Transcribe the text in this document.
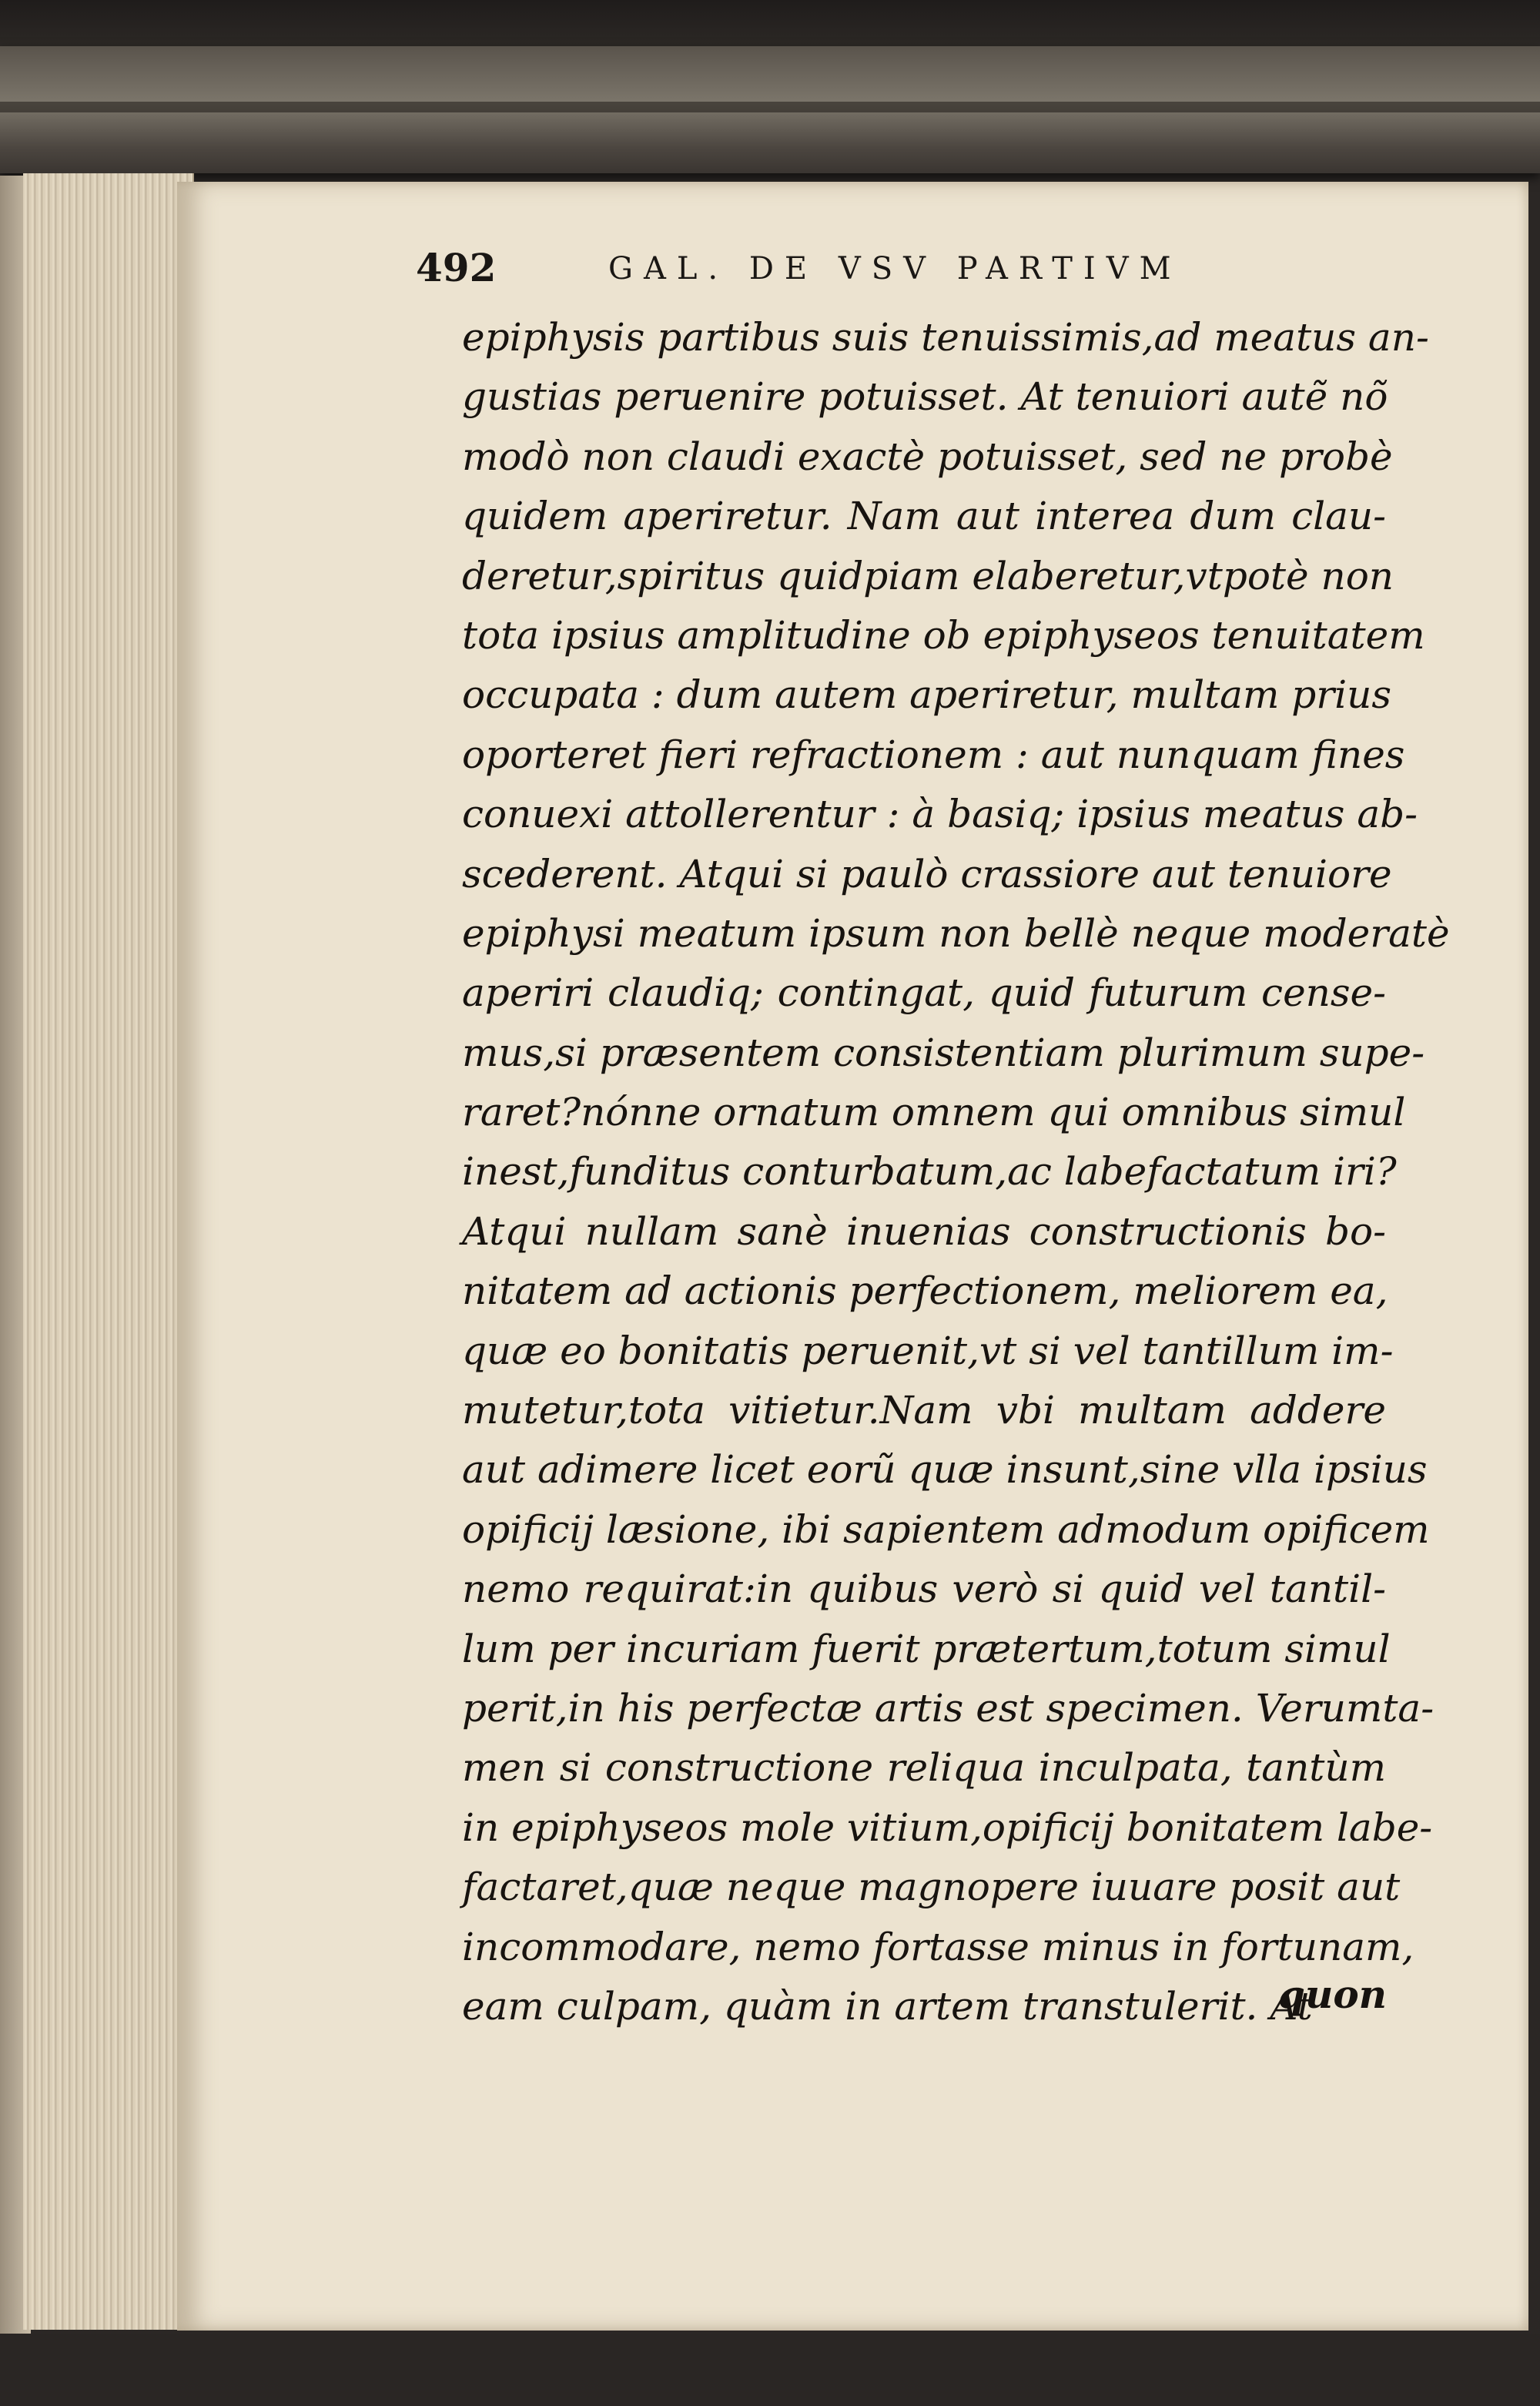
492	GAL. DE VSV PARTIVM
epiphysis partibus suis tenuissimis,ad meatus an-
gustias peruenire potuisset. At tenuiori autẽ nõ
modò non claudi exactè potuisset, sed ne probè
quidem aperiretur. Nam aut interea dum clau-
deretur,spiritus quidpiam elaberetur,vtpotè non
tota ipsius amplitudine ob epiphyseos tenuitatem
occupata : dum autem aperiretur, multam prius
oporteret fieri refractionem : aut nunquam fines
conuexi attollerentur : à basiq; ipsius meatus ab-
scederent. Atqui si paulò crassiore aut tenuiore
epiphysi meatum ipsum non bellè neque moderatè
aperiri claudiq; contingat, quid futurum cense-
mus,si præsentem consistentiam plurimum supe-
raret?nónne ornatum omnem qui omnibus simul
inest,funditus conturbatum,ac labefactatum iri?
Atqui nullam sanè inuenias constructionis bo-
nitatem ad actionis perfectionem, meliorem ea,
quæ eo bonitatis peruenit,vt si vel tantillum im-
mutetur,tota vitietur.Nam vbi multam addere
aut adimere licet eorũ quæ insunt,sine vlla ipsius
opificij læsione, ibi sapientem admodum opificem
nemo requirat:in quibus verò si quid vel tantil-
lum per incuriam fuerit prætertum,totum simul
perit,in his perfectæ artis est specimen. Verumta-
men si constructione reliqua inculpata, tantùm
in epiphyseos mole vitium,opificij bonitatem labe-
factaret,quæ neque magnopere iuuare posit aut
incommodare, nemo fortasse minus in fortunam,
eam culpam, quàm in artem transtulerit. At
quon
